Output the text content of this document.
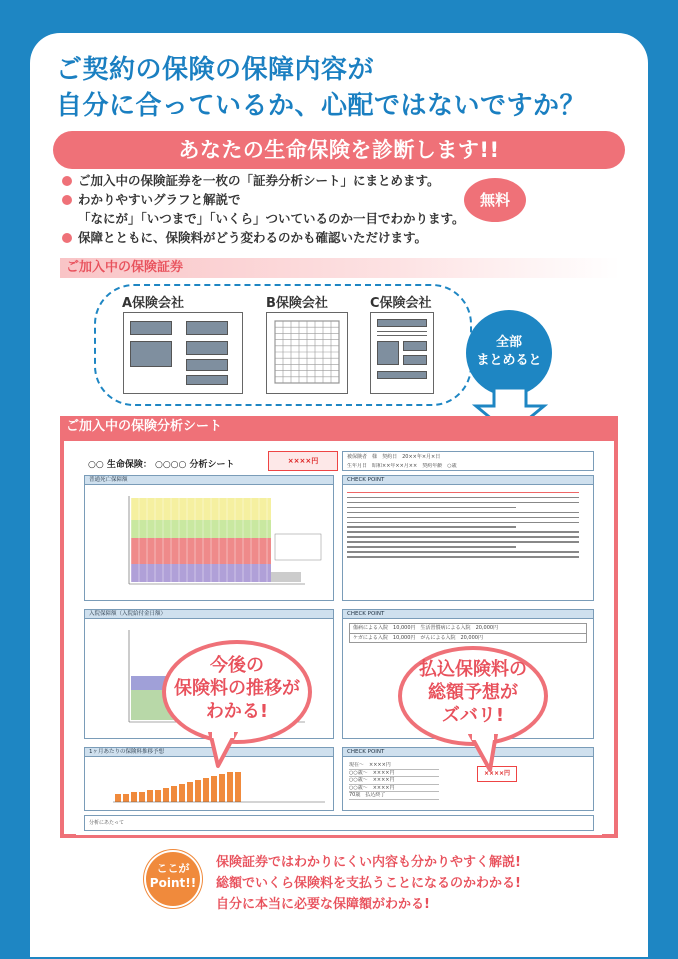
ご契約の保険の保障内容が
自分に合っているか、心配ではないですか？
あなたの生命保険を診断します!!
ご加入中の保険証券を一枚の「証券分析シート」にまとめます。
わかりやすいグラフと解説で
「なにが」「いつまで」「いくら」ついているのか一目でわかります。
保障とともに、保険料がどう変わるのかも確認いただけます。
無料
ご加入中の保険証券
A保険会社	B保険会社	C保険会社
全部
まとめると
ご加入中の保険分析シート
○○ 生命保険： ○○○○ 分析シート	××××円
普通死亡保障額
入院保障額（入院給付金日額）
1ヶ月あたりの保険料推移予想
分析にあたって
被保険者　 様　 契約日　 20××年×月×日
生年月日　 昭和××年××月××　 契約年齢　 ○歳
CHECK POINT
CHECK POINT
傷病による入院　 10,000円　 生活習慣病による入院　 20,000円
ケガによる入院　 10,000円　 がんによる入院　 20,000円
CHECK POINT
現在〜　××××円
○○歳〜　××××円
○○歳〜　××××円
○○歳〜　××××円
70歳　払込終了
××××円
今後の
保険料の推移が
わかる!
払込保険料の
総額予想が
ズバリ!
ここが
Point!!
保険証券ではわかりにくい内容も分かりやすく解説!
総額でいくら保険料を支払うことになるのかわかる!
自分に本当に必要な保障額がわかる!
